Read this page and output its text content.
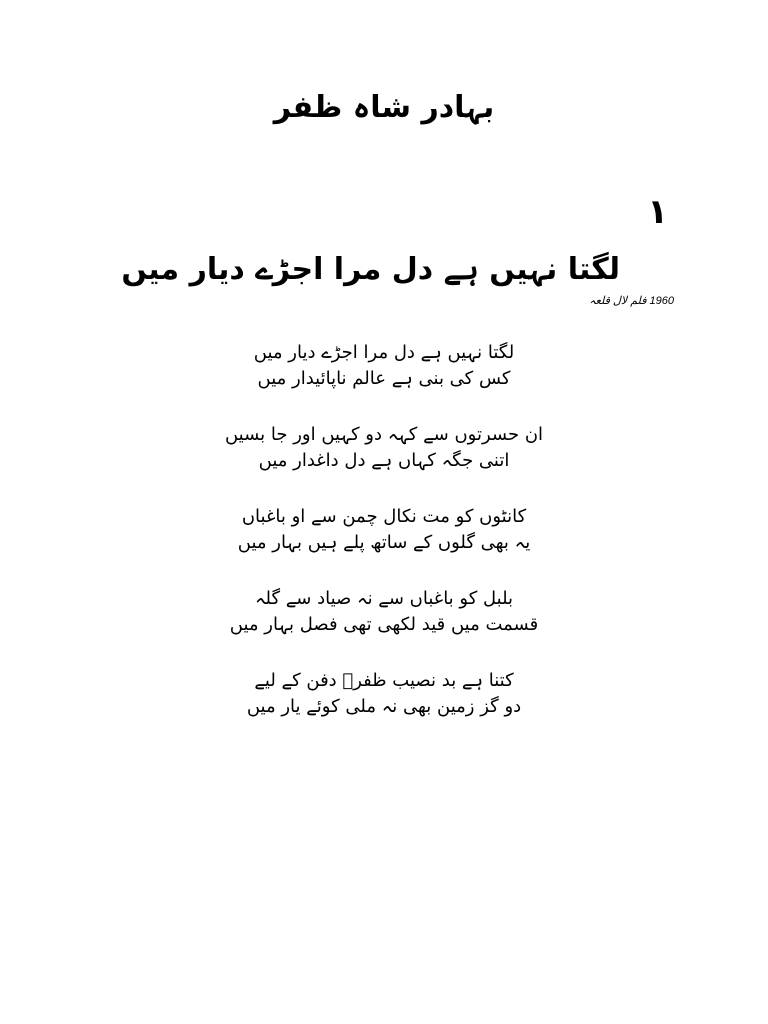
بہادر شاہ ظفر
١
لگتا نہیں ہے دل مرا اجڑے دیار میں
1960 فلم لال قلعہ
لگتا نہیں ہے دل مرا اجڑے دیار میں
کس کی بنی ہے عالم ناپائیدار میں
ان حسرتوں سے کہہ دو کہیں اور جا بسیں
اتنی جگہ کہاں ہے دل داغدار میں
کانٹوں کو مت نکال چمن سے او باغباں
یہ بھی گلوں کے ساتھ پلے ہیں بہار میں
بلبل کو باغباں سے نہ صیاد سے گلہ
قسمت میں قید لکھی تھی فصل بہار میں
کتنا ہے بد نصیب ظفرؔ دفن کے لیے
دو گز زمین بھی نہ ملی کوئے یار میں
